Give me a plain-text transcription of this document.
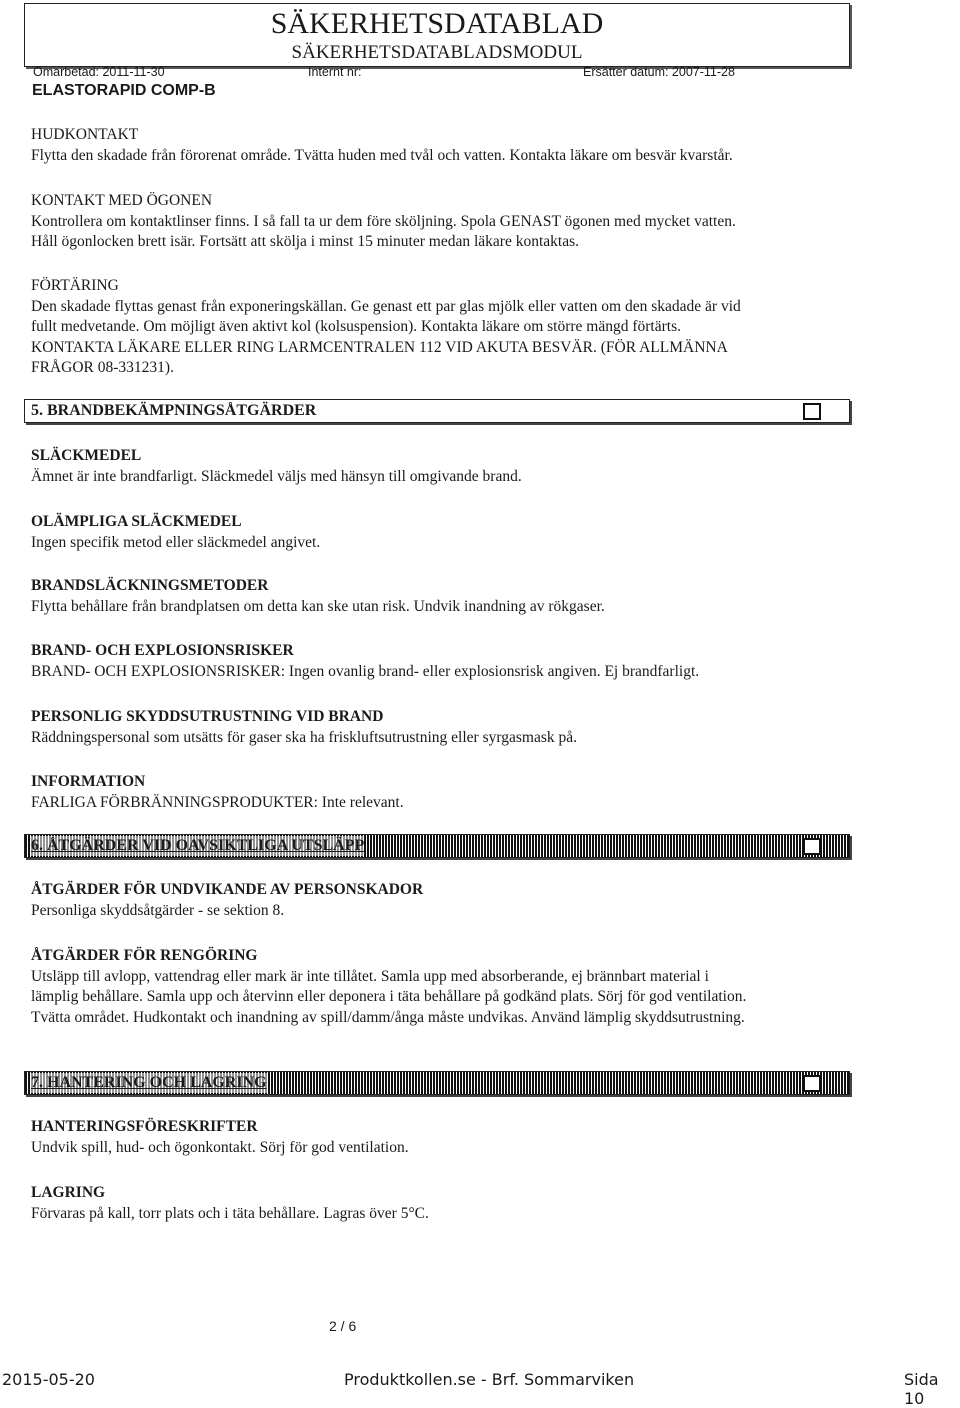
SÄKERHETSDATABLAD
SÄKERHETSDATABLADSMODUL
Omarbetad: 2011-11-30	Internt nr:	Ersätter datum: 2007-11-28
ELASTORAPID COMP-B
HUDKONTAKT
Flytta den skadade från förorenat område. Tvätta huden med tvål och vatten. Kontakta läkare om besvär kvarstår.
KONTAKT MED ÖGONEN
Kontrollera om kontaktlinser finns. I så fall ta ur dem före sköljning. Spola GENAST ögonen med mycket vatten.
Håll ögonlocken brett isär. Fortsätt att skölja i minst 15 minuter medan läkare kontaktas.
FÖRTÄRING
Den skadade flyttas genast från exponeringskällan. Ge genast ett par glas mjölk eller vatten om den skadade är vid
fullt medvetande. Om möjligt även aktivt kol (kolsuspension). Kontakta läkare om större mängd förtärts.
KONTAKTA LÄKARE ELLER RING LARMCENTRALEN 112 VID AKUTA BESVÄR. (FÖR ALLMÄNNA
FRÅGOR 08-331231).
5. BRANDBEKÄMPNINGSÅTGÄRDER
SLÄCKMEDEL
Ämnet är inte brandfarligt. Släckmedel väljs med hänsyn till omgivande brand.
OLÄMPLIGA SLÄCKMEDEL
Ingen specifik metod eller släckmedel angivet.
BRANDSLÄCKNINGSMETODER
Flytta behållare från brandplatsen om detta kan ske utan risk. Undvik inandning av rökgaser.
BRAND- OCH EXPLOSIONSRISKER
BRAND- OCH EXPLOSIONSRISKER: Ingen ovanlig brand- eller explosionsrisk angiven. Ej brandfarligt.
PERSONLIG SKYDDSUTRUSTNING VID BRAND
Räddningspersonal som utsätts för gaser ska ha friskluftsutrustning eller syrgasmask på.
INFORMATION
FARLIGA FÖRBRÄNNINGSPRODUKTER: Inte relevant.
6. ÅTGÄRDER VID OAVSIKTLIGA UTSLÄPP
ÅTGÄRDER FÖR UNDVIKANDE AV PERSONSKADOR
Personliga skyddsåtgärder - se sektion 8.
ÅTGÄRDER FÖR RENGÖRING
Utsläpp till avlopp, vattendrag eller mark är inte tillåtet. Samla upp med absorberande, ej brännbart material i
lämplig behållare. Samla upp och återvinn eller deponera i täta behållare på godkänd plats. Sörj för god ventilation.
Tvätta området. Hudkontakt och inandning av spill/damm/ånga måste undvikas. Använd lämplig skyddsutrustning.
7. HANTERING OCH LAGRING
HANTERINGSFÖRESKRIFTER
Undvik spill, hud- och ögonkontakt. Sörj för god ventilation.
LAGRING
Förvaras på kall, torr plats och i täta behållare. Lagras över 5°C.
2 / 6
2015-05-20	Produktkollen.se - Brf. Sommarviken	Sida 10
